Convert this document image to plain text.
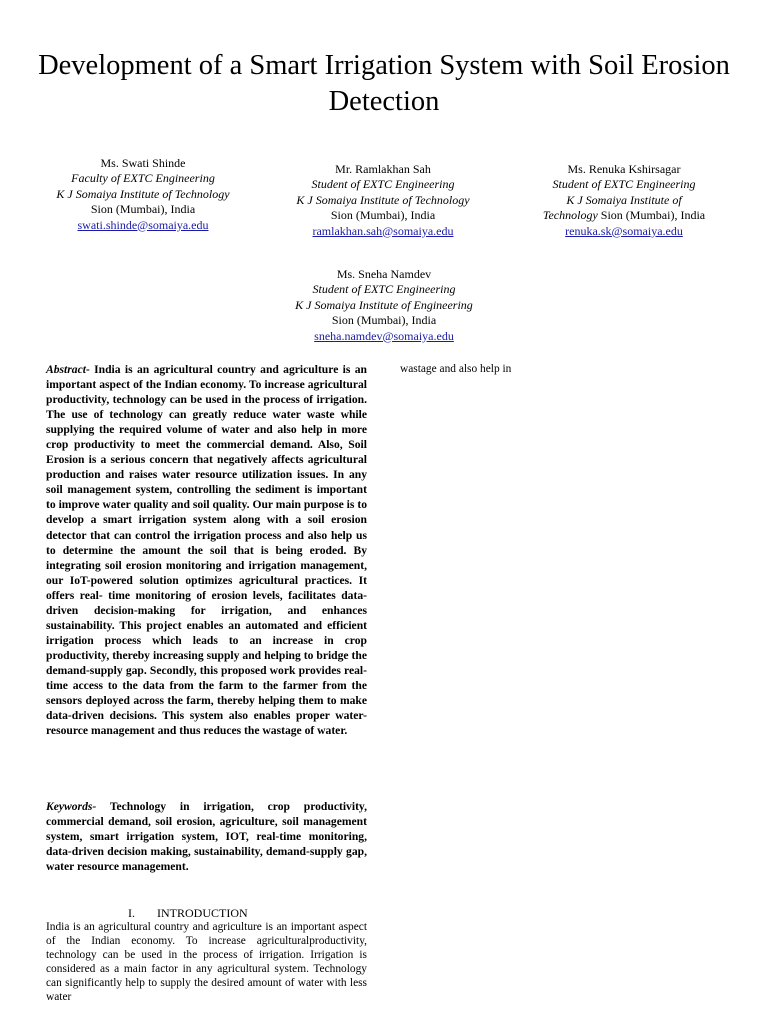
Development of a Smart Irrigation System with Soil Erosion Detection
Ms. Swati Shinde
Faculty of EXTC Engineering
K J Somaiya Institute of Technology
Sion (Mumbai), India
swati.shinde@somaiya.edu
Mr. Ramlakhan Sah
Student of EXTC Engineering
K J Somaiya Institute of Technology
Sion (Mumbai), India
ramlakhan.sah@somaiya.edu
Ms. Renuka Kshirsagar
Student of EXTC Engineering
K J Somaiya Institute of
Technology Sion (Mumbai), India
renuka.sk@somaiya.edu
Ms. Sneha Namdev
Student of EXTC Engineering
K J Somaiya Institute of Engineering
Sion (Mumbai), India
sneha.namdev@somaiya.edu
Abstract- India is an agricultural country and agriculture is an important aspect of the Indian economy. To increase agricultural productivity, technology can be used in the process of irrigation. The use of technology can greatly reduce water waste while supplying the required volume of water and also help in more crop productivity to meet the commercial demand. Also, Soil Erosion is a serious concern that negatively affects agricultural production and raises water resource utilization issues. In any soil management system, controlling the sediment is important to improve water quality and soil quality. Our main purpose is to develop a smart irrigation system along with a soil erosion detector that can control the irrigation process and also help us to determine the amount the soil that is being eroded. By integrating soil erosion monitoring and irrigation management, our IoT-powered solution optimizes agricultural practices. It offers real- time monitoring of erosion levels, facilitates data-driven decision-making for irrigation, and enhances sustainability. This project enables an automated and efficient irrigation process which leads to an increase in crop productivity, thereby increasing supply and helping to bridge the demand-supply gap. Secondly, this proposed work provides real-time access to the data from the farm to the farmer from the sensors deployed across the farm, thereby helping them to make data-driven decisions. This system also enables proper water-resource management and thus reduces the wastage of water.
Keywords- Technology in irrigation, crop productivity, commercial demand, soil erosion, agriculture, soil management system, smart irrigation system, IOT, real-time monitoring, data-driven decision making, sustainability, demand-supply gap, water resource management.
I. INTRODUCTION
India is an agricultural country and agriculture is an important aspect of the Indian economy. To increase agriculturalproductivity, technology can be used in the process of irrigation. Irrigation is considered as a main factor in any agricultural system. Technology can significantly help to supply the desired amount of water with less water
wastage and also help in
